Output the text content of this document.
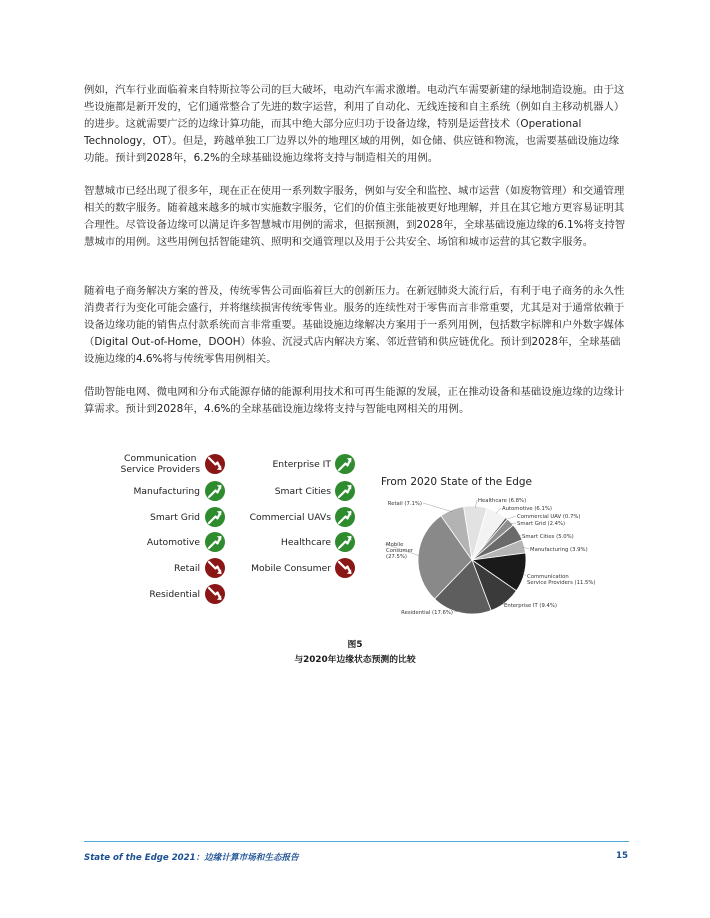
例如，汽车行业面临着来自特斯拉等公司的巨大破坏，电动汽车需求激增。电动汽车需要新建的绿地制造设施。由于这些设施都是新开发的，它们通常整合了先进的数字运营，利用了自动化、无线连接和自主系统（例如自主移动机器人）的进步。这就需要广泛的边缘计算功能，而其中绝大部分应归功于设备边缘，特别是运营技术（Operational Technology，OT）。但是，跨越单独工厂边界以外的地理区域的用例，如仓储、供应链和物流，也需要基础设施边缘功能。预计到2028年，6.2%的全球基础设施边缘将支持与制造相关的用例。

智慧城市已经出现了很多年，现在正在使用一系列数字服务，例如与安全和监控、城市运营（如废物管理）和交通管理相关的数字服务。随着越来越多的城市实施数字服务，它们的价值主张能被更好地理解，并且在其它地方更容易证明其合理性。尽管设备边缘可以满足许多智慧城市用例的需求，但据预测，到2028年，全球基础设施边缘的6.1%将支持智慧城市的用例。这些用例包括智能建筑、照明和交通管理以及用于公共安全、场馆和城市运营的其它数字服务。

随着电子商务解决方案的普及，传统零售公司面临着巨大的创新压力。在新冠肺炎大流行后，有利于电子商务的永久性消费者行为变化可能会盛行，并将继续损害传统零售业。服务的连续性对于零售而言非常重要，尤其是对于通常依赖于设备边缘功能的销售点付款系统而言非常重要。基础设施边缘解决方案用于一系列用例，包括数字标牌和户外数字媒体（Digital Out-of-Home，DOOH）体验、沉浸式店内解决方案、邻近营销和供应链优化。预计到2028年，全球基础设施边缘的4.6%将与传统零售用例相关。

借助智能电网、微电网和分布式能源存储的能源利用技术和可再生能源的发展，正在推动设备和基础设施边缘的边缘计算需求。预计到2028年，4.6%的全球基础设施边缘将支持与智能电网相关的用例。

Communication
Service Providers
Manufacturing
Smart Grid
Automotive
Retail
Residential
Enterprise IT
Smart Cities
Commercial UAVs
Healthcare
Mobile Consumer
From 2020 State of the Edge
Healthcare (6.8%)
Automotive (6.1%)
Commercial UAV (0.7%)
Smart Grid (2.4%)
Smart Cities (5.0%)
Manufacturing (3.9%)
Communication Service Providers (11.5%)
Enterprise IT (9.4%)
Residential (17.6%)
Mobile Consumer (27.5%)
Retail (7.1%)
图5
与2020年边缘状态预测的比较
State of the Edge 2021：边缘计算市场和生态报告	15
